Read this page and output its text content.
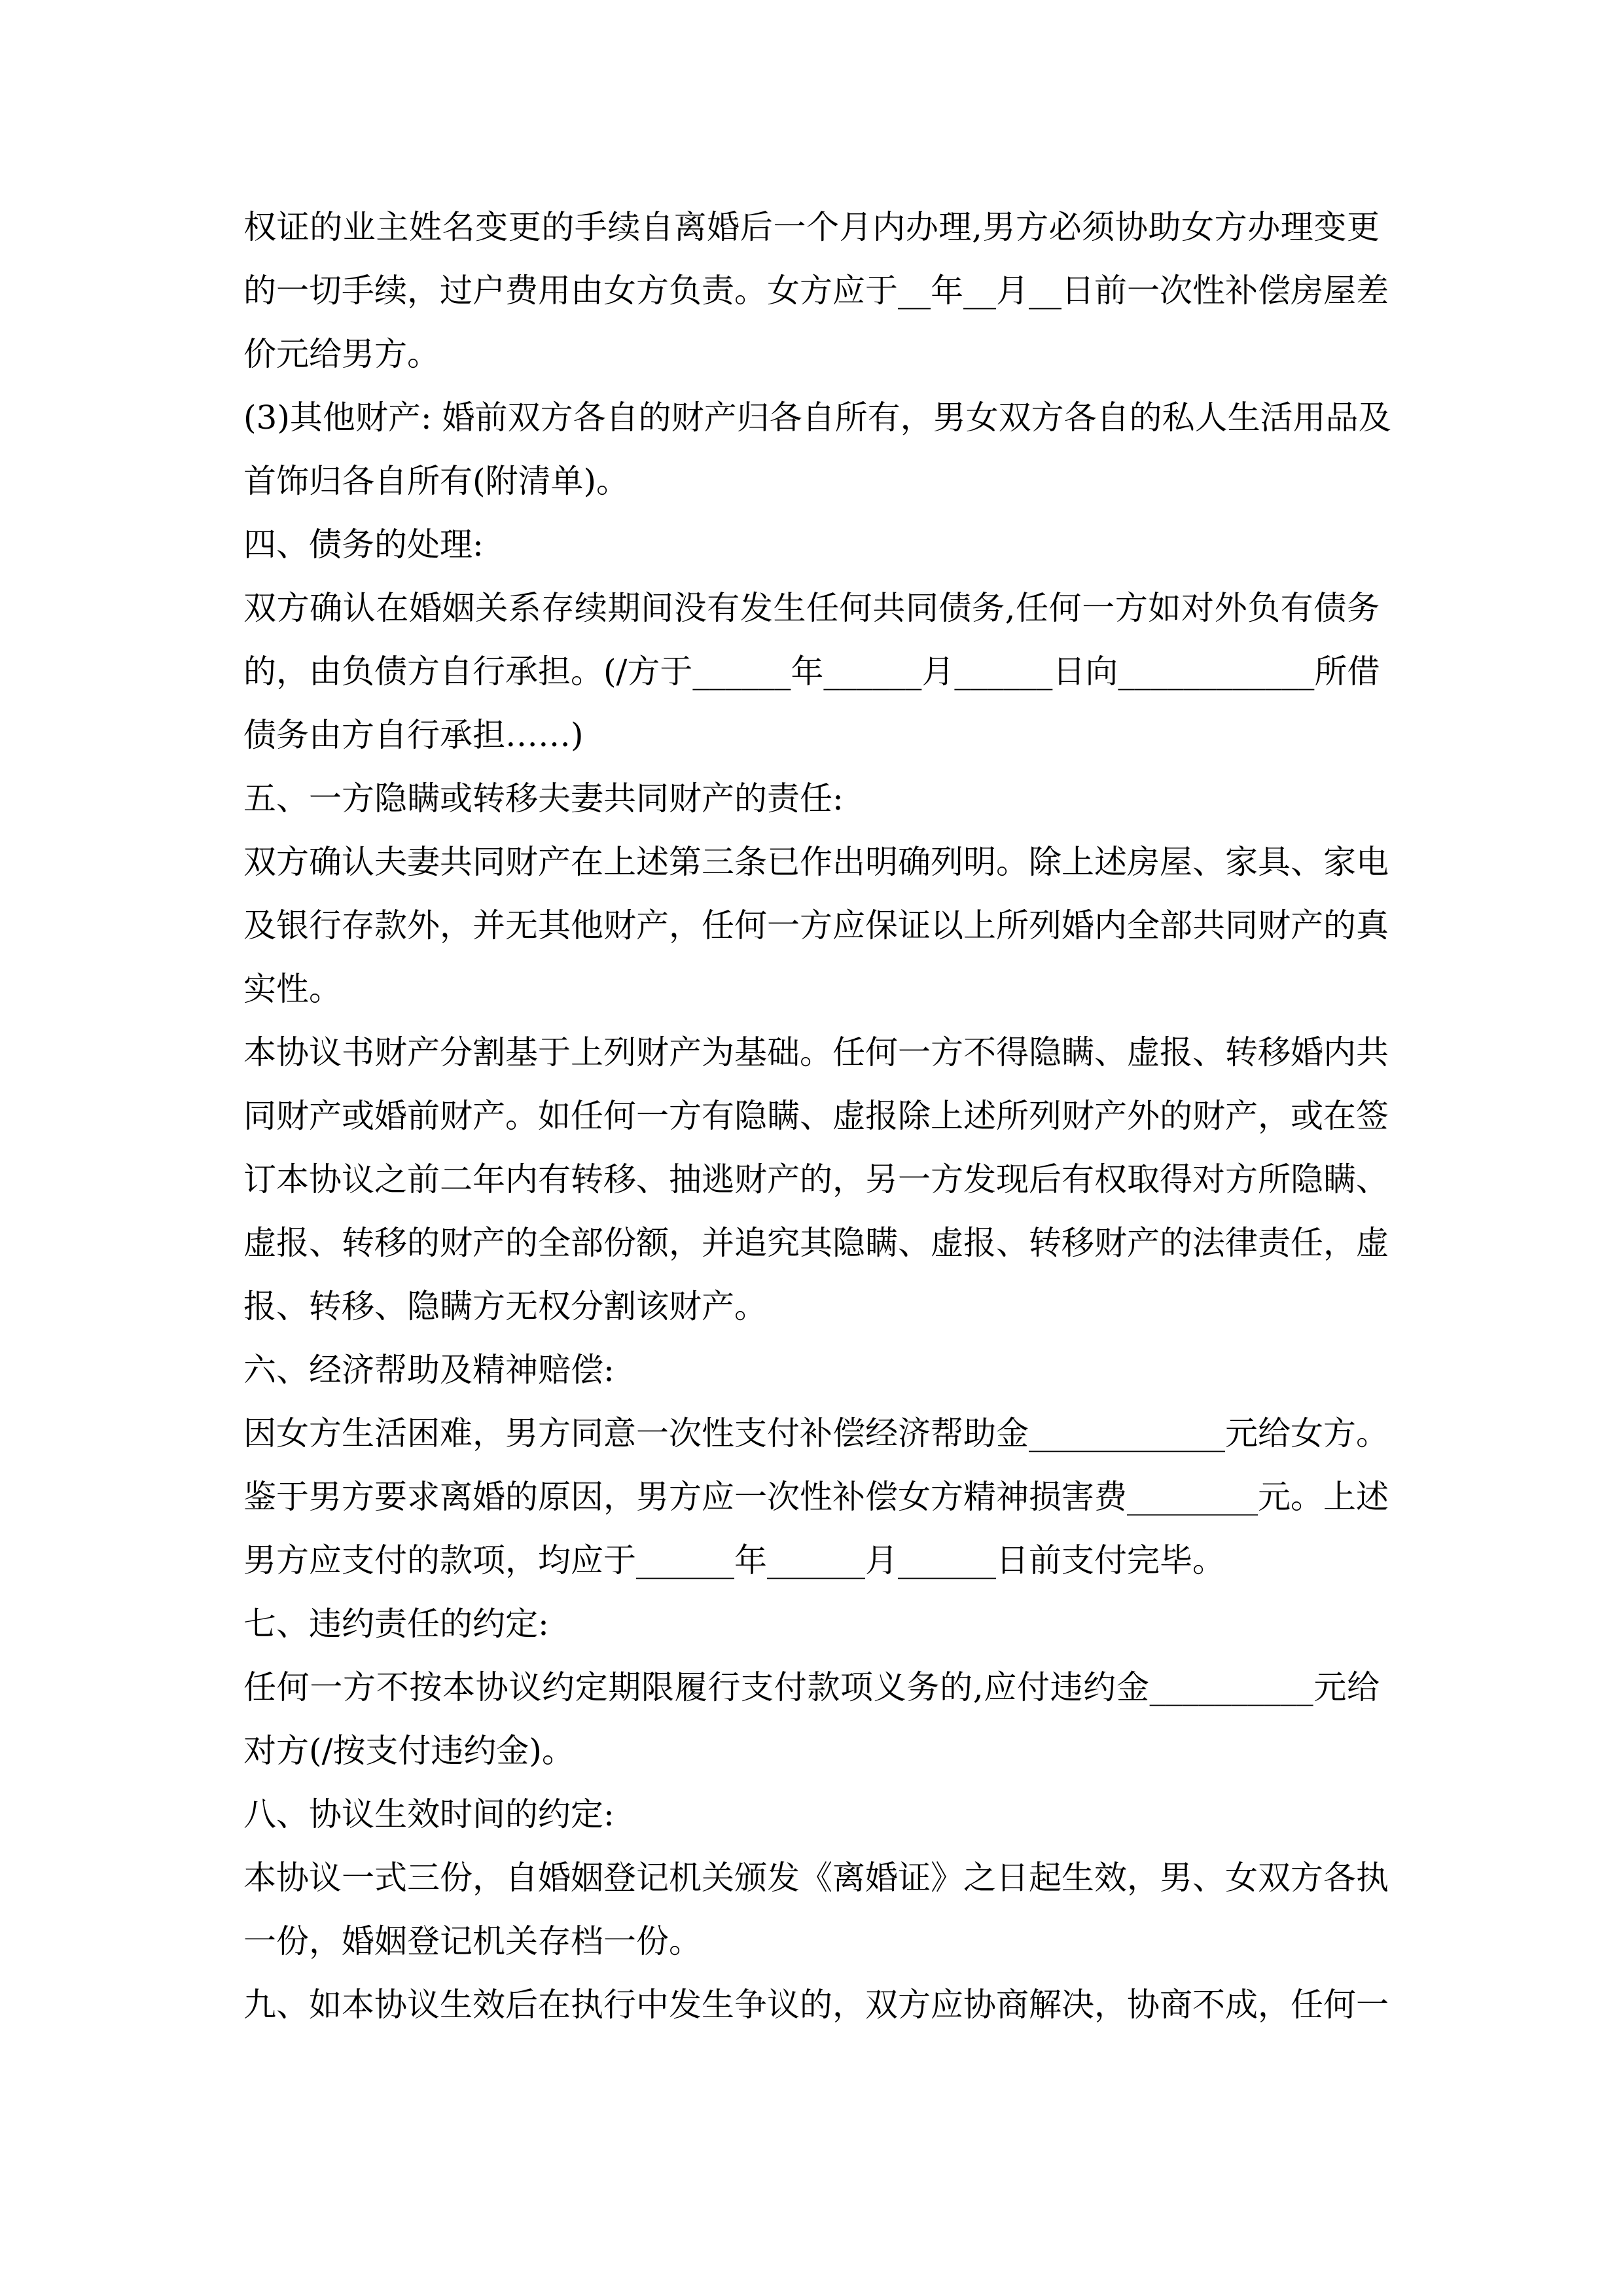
权证的业主姓名变更的手续自离婚后一个月内办理,男方必须协助女方办理变更
的一切手续，过户费用由女方负责。女方应于__年__月__日前一次性补偿房屋差
价元给男方。
(3)其他财产: 婚前双方各自的财产归各自所有，男女双方各自的私人生活用品及
首饰归各自所有(附清单)。
四、债务的处理:
双方确认在婚姻关系存续期间没有发生任何共同债务,任何一方如对外负有债务
的，由负债方自行承担。(/方于______年______月______日向____________所借
债务由方自行承担……)
五、一方隐瞒或转移夫妻共同财产的责任:
双方确认夫妻共同财产在上述第三条已作出明确列明。除上述房屋、家具、家电
及银行存款外，并无其他财产，任何一方应保证以上所列婚内全部共同财产的真
实性。
本协议书财产分割基于上列财产为基础。任何一方不得隐瞒、虚报、转移婚内共
同财产或婚前财产。如任何一方有隐瞒、虚报除上述所列财产外的财产，或在签
订本协议之前二年内有转移、抽逃财产的，另一方发现后有权取得对方所隐瞒、
虚报、转移的财产的全部份额，并追究其隐瞒、虚报、转移财产的法律责任，虚
报、转移、隐瞒方无权分割该财产。
六、经济帮助及精神赔偿:
因女方生活困难，男方同意一次性支付补偿经济帮助金____________元给女方。
鉴于男方要求离婚的原因，男方应一次性补偿女方精神损害费________元。上述
男方应支付的款项，均应于______年______月______日前支付完毕。
七、违约责任的约定:
任何一方不按本协议约定期限履行支付款项义务的,应付违约金__________元给
对方(/按支付违约金)。
八、协议生效时间的约定:
本协议一式三份，自婚姻登记机关颁发《离婚证》之日起生效，男、女双方各执
一份，婚姻登记机关存档一份。
九、如本协议生效后在执行中发生争议的，双方应协商解决，协商不成，任何一
